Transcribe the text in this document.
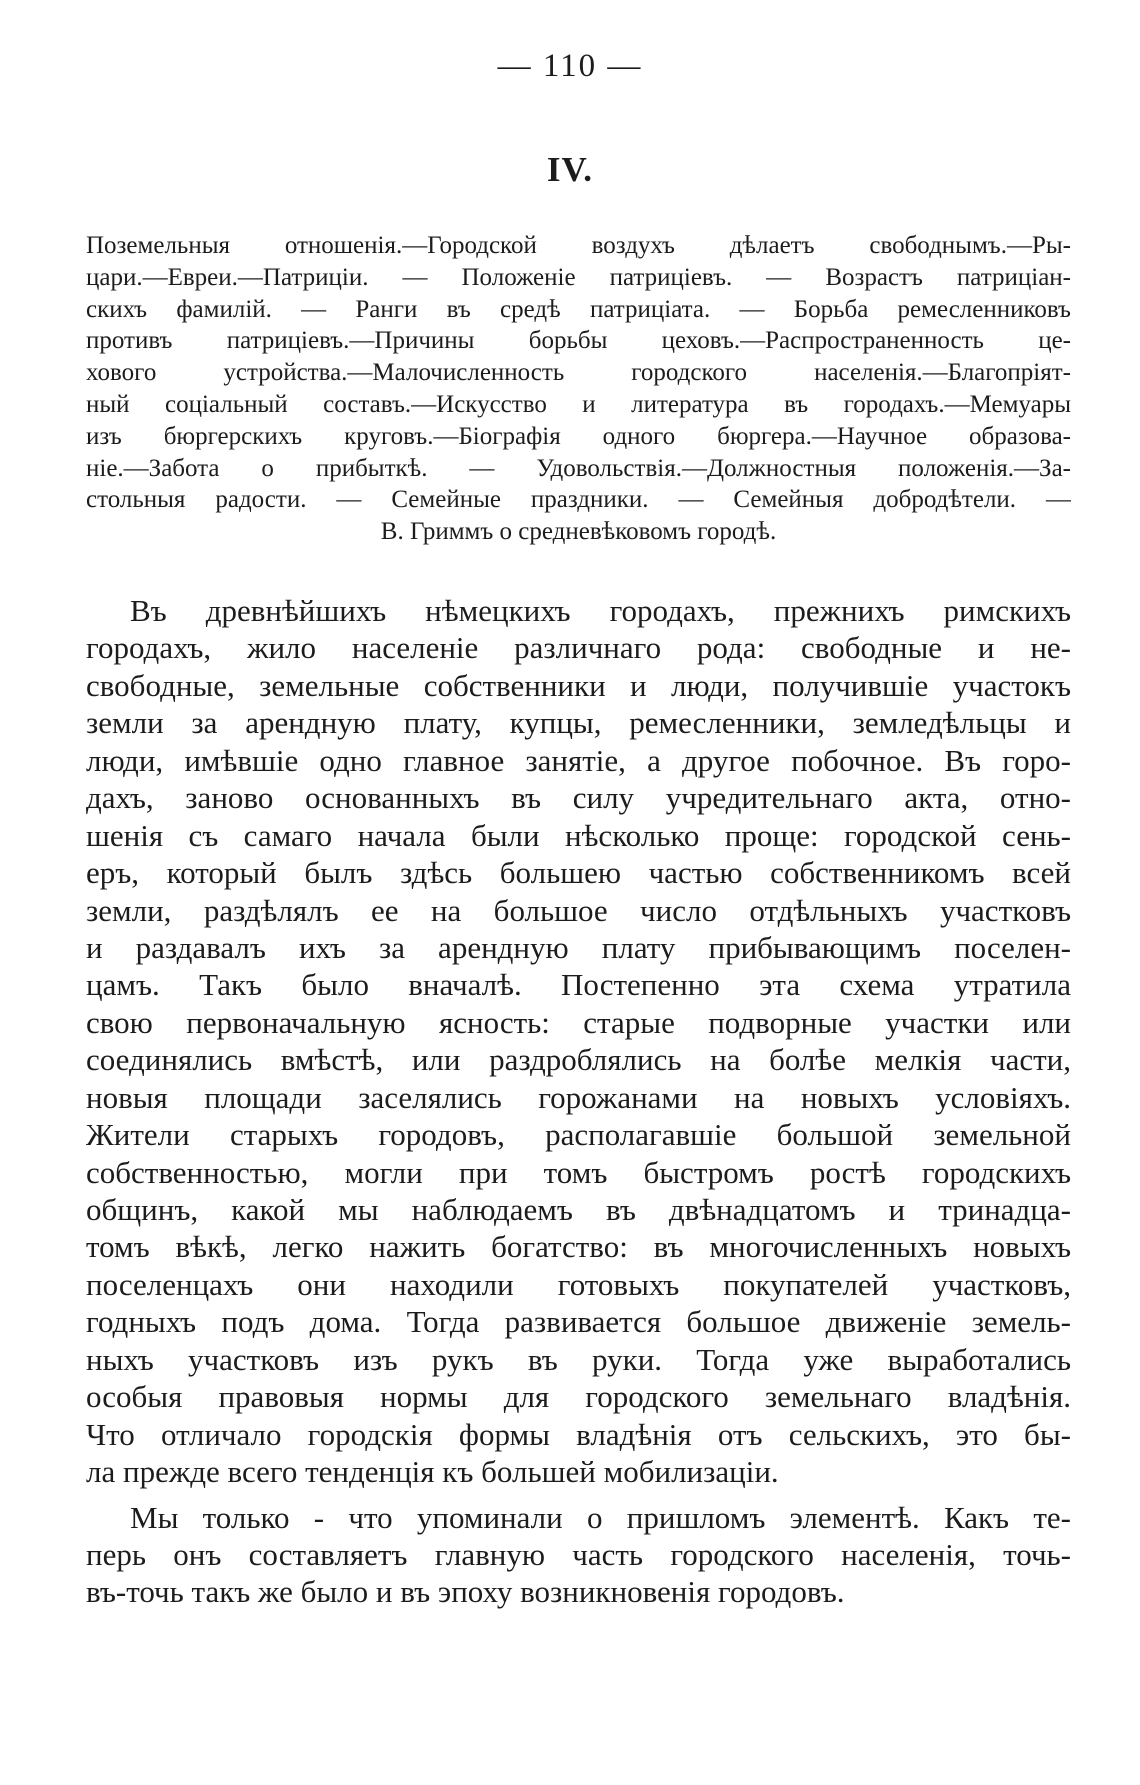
— 110 —
IV.
Поземельныя отношенія.—Городской воздухъ дѣлаетъ свободнымъ.—Ры-
цари.—Евреи.—Патриціи. — Положеніе патриціевъ. — Возрастъ патриціан-
скихъ фамилій. — Ранги въ средѣ патриціата. — Борьба ремесленниковъ
противъ патриціевъ.—Причины борьбы цеховъ.—Распространенность це-
хового устройства.—Малочисленность городского населенія.—Благопріят-
ный соціальный составъ.—Искусство и литература въ городахъ.—Мемуары
изъ бюргерскихъ круговъ.—Біографія одного бюргера.—Научное образова-
ніе.—Забота о прибыткѣ. — Удовольствія.—Должностныя положенія.—За-
стольныя радости. — Семейные праздники. — Семейныя добродѣтели. —
В. Гриммъ о средневѣковомъ городѣ.
Въ древнѣйшихъ нѣмецкихъ городахъ, прежнихъ римскихъ
городахъ, жило населеніе различнаго рода: свободные и не-
свободные, земельные собственники и люди, получившіе участокъ
земли за арендную плату, купцы, ремесленники, земледѣльцы и
люди, имѣвшіе одно главное занятіе, а другое побочное. Въ горо-
дахъ, заново основанныхъ въ силу учредительнаго акта, отно-
шенія съ самаго начала были нѣсколько проще: городской сень-
еръ, который былъ здѣсь большею частью собственникомъ всей
земли, раздѣлялъ ее на большое число отдѣльныхъ участковъ
и раздавалъ ихъ за арендную плату прибывающимъ поселен-
цамъ. Такъ было вначалѣ. Постепенно эта схема утратила
свою первоначальную ясность: старые подворные участки или
соединялись вмѣстѣ, или раздроблялись на болѣе мелкія части,
новыя площади заселялись горожанами на новыхъ условіяхъ.
Жители старыхъ городовъ, располагавшіе большой земельной
собственностью, могли при томъ быстромъ ростѣ городскихъ
общинъ, какой мы наблюдаемъ въ двѣнадцатомъ и тринадца-
томъ вѣкѣ, легко нажить богатство: въ многочисленныхъ новыхъ
поселенцахъ они находили готовыхъ покупателей участковъ,
годныхъ подъ дома. Тогда развивается большое движеніе земель-
ныхъ участковъ изъ рукъ въ руки. Тогда уже выработались
особыя правовыя нормы для городского земельнаго владѣнія.
Что отличало городскія формы владѣнія отъ сельскихъ, это бы-
ла прежде всего тенденція къ большей мобилизаціи.
Мы только - что упоминали о пришломъ элементѣ. Какъ те-
перь онъ составляетъ главную часть городского населенія, точь-
въ-точь такъ же было и въ эпоху возникновенія городовъ.
